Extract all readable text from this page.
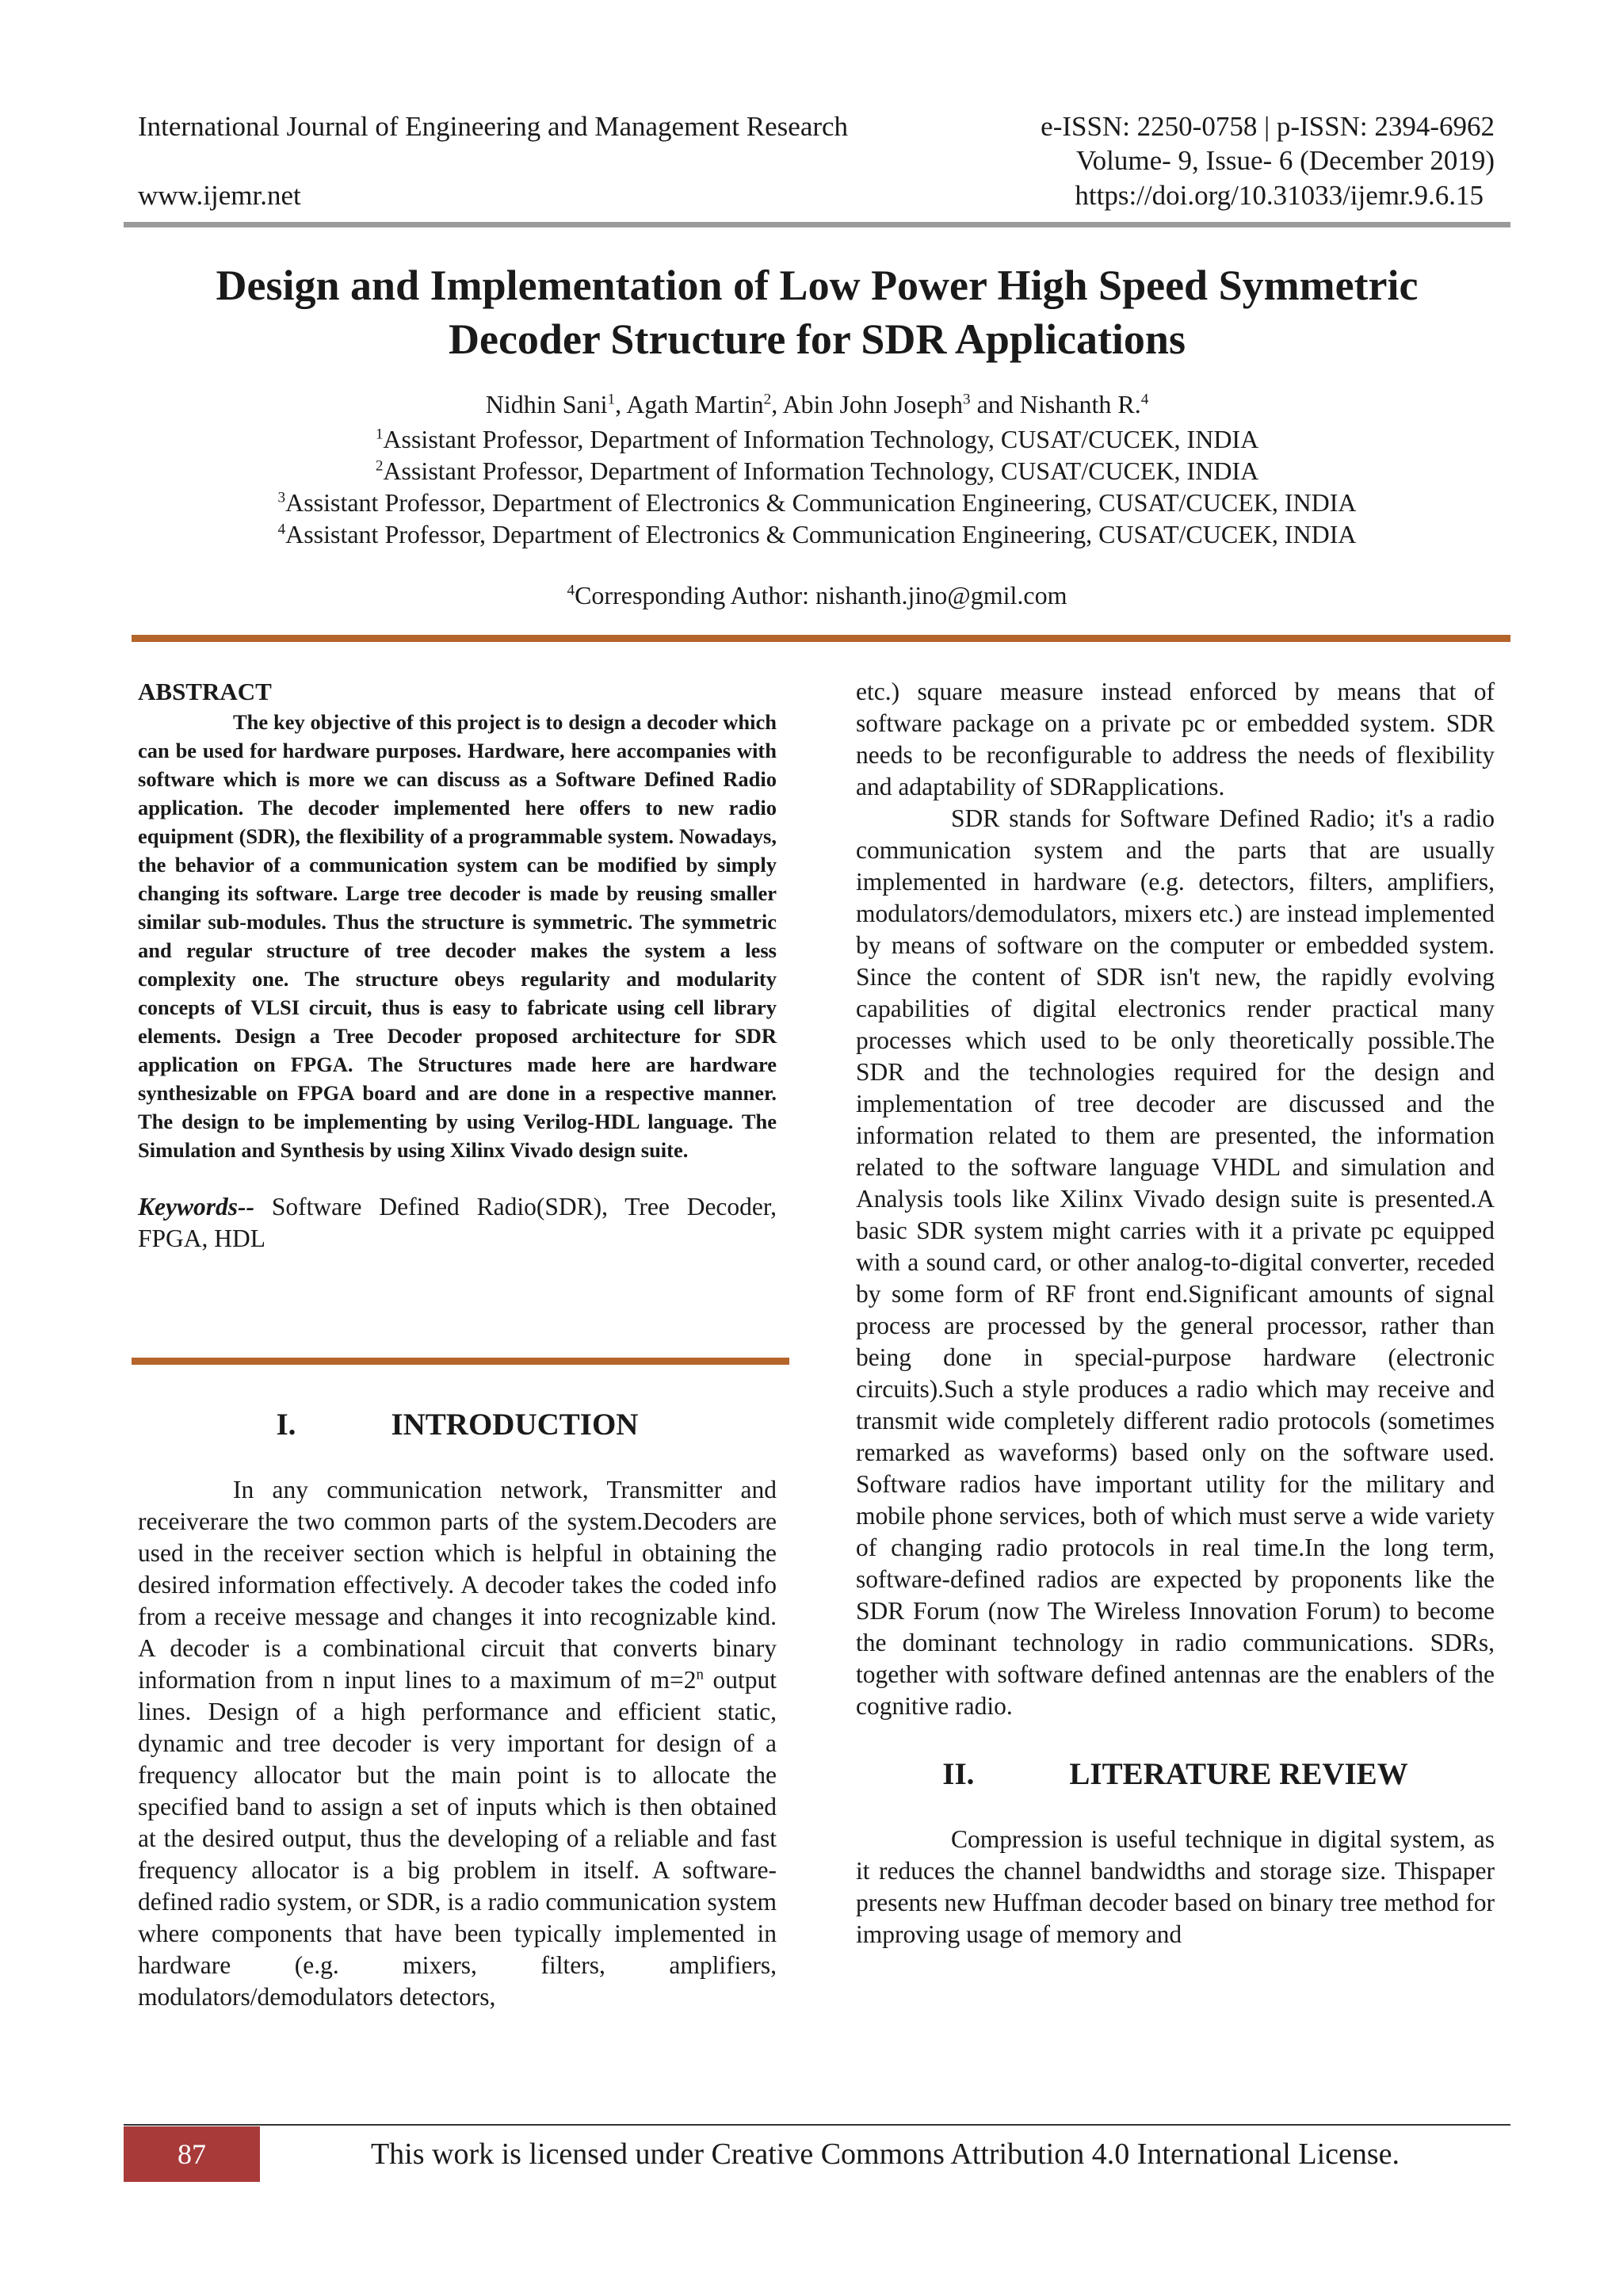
International Journal of Engineering and Management Research	e-ISSN: 2250-0758 | p-ISSN: 2394-6962
Volume- 9, Issue- 6 (December 2019)
www.ijemr.net	https://doi.org/10.31033/ijemr.9.6.15
Design and Implementation of Low Power High Speed Symmetric
Decoder Structure for SDR Applications
Nidhin Sani$^1$, Agath Martin$^2$, Abin John Joseph$^3$ and Nishanth R.$^4$
$^1$Assistant Professor, Department of Information Technology, CUSAT/CUCEK, INDIA
$^2$Assistant Professor, Department of Information Technology, CUSAT/CUCEK, INDIA
$^3$Assistant Professor, Department of Electronics & Communication Engineering, CUSAT/CUCEK, INDIA
$^4$Assistant Professor, Department of Electronics & Communication Engineering, CUSAT/CUCEK, INDIA
$^4$Corresponding Author: nishanth.jino@gmil.com

ABSTRACT

The key objective of this project is to design a decoder which can be used for hardware purposes. Hardware, here accompanies with software which is more we can discuss as a Software Defined Radio application. The decoder implemented here offers to new radio equipment (SDR), the flexibility of a programmable system. Nowadays, the behavior of a communication system can be modified by simply changing its software. Large tree decoder is made by reusing smaller similar sub-modules. Thus the structure is symmetric. The symmetric and regular structure of tree decoder makes the system a less complexity one. The structure obeys regularity and modularity concepts of VLSI circuit, thus is easy to fabricate using cell library elements. Design a Tree Decoder proposed architecture for SDR application on FPGA. The Structures made here are hardware synthesizable on FPGA board and are done in a respective manner. The design to be implementing by using Verilog-HDL language. The Simulation and Synthesis by using Xilinx Vivado design suite.

Keywords-- Software Defined Radio(SDR), Tree Decoder, FPGA, HDL

I.	INTRODUCTION

In any communication network, Transmitter and receiverare the two common parts of the system.Decoders are used in the receiver section which is helpful in obtaining the desired information effectively. A decoder takes the coded info from a receive message and changes it into recognizable kind. A decoder is a combinational circuit that converts binary information from n input lines to a maximum of $m=2^n$ output lines. Design of a high performance and efficient static, dynamic and tree decoder is very important for design of a frequency allocator but the main point is to allocate the specified band to assign a set of inputs which is then obtained at the desired output, thus the developing of a reliable and fast frequency allocator is a big problem in itself. A software-defined radio system, or SDR, is a radio communication system where components that have been typically implemented in hardware (e.g. mixers, filters, amplifiers, modulators/demodulators detectors,

etc.) square measure instead enforced by means that of software package on a private pc or embedded system. SDR needs to be reconfigurable to address the needs of flexibility and adaptability of SDRapplications.

SDR stands for Software Defined Radio; it's a radio communication system and the parts that are usually implemented in hardware (e.g. detectors, filters, amplifiers, modulators/demodulators, mixers etc.) are instead implemented by means of software on the computer or embedded system. Since the content of SDR isn't new, the rapidly evolving capabilities of digital electronics render practical many processes which used to be only theoretically possible.The SDR and the technologies required for the design and implementation of tree decoder are discussed and the information related to them are presented, the information related to the software language VHDL and simulation and Analysis tools like Xilinx Vivado design suite is presented.A basic SDR system might carries with it a private pc equipped with a sound card, or other analog-to-digital converter, receded by some form of RF front end.Significant amounts of signal process are processed by the general processor, rather than being done in special-purpose hardware (electronic circuits).Such a style produces a radio which may receive and transmit wide completely different radio protocols (sometimes remarked as waveforms) based only on the software used. Software radios have important utility for the military and mobile phone services, both of which must serve a wide variety of changing radio protocols in real time.In the long term, software-defined radios are expected by proponents like the SDR Forum (now The Wireless Innovation Forum) to become the dominant technology in radio communications. SDRs, together with software defined antennas are the enablers of the cognitive radio.

II.	LITERATURE REVIEW

Compression is useful technique in digital system, as it reduces the channel bandwidths and storage size. Thispaper presents new Huffman decoder based on binary tree method for improving usage of memory and

87	This work is licensed under Creative Commons Attribution 4.0 International License.
